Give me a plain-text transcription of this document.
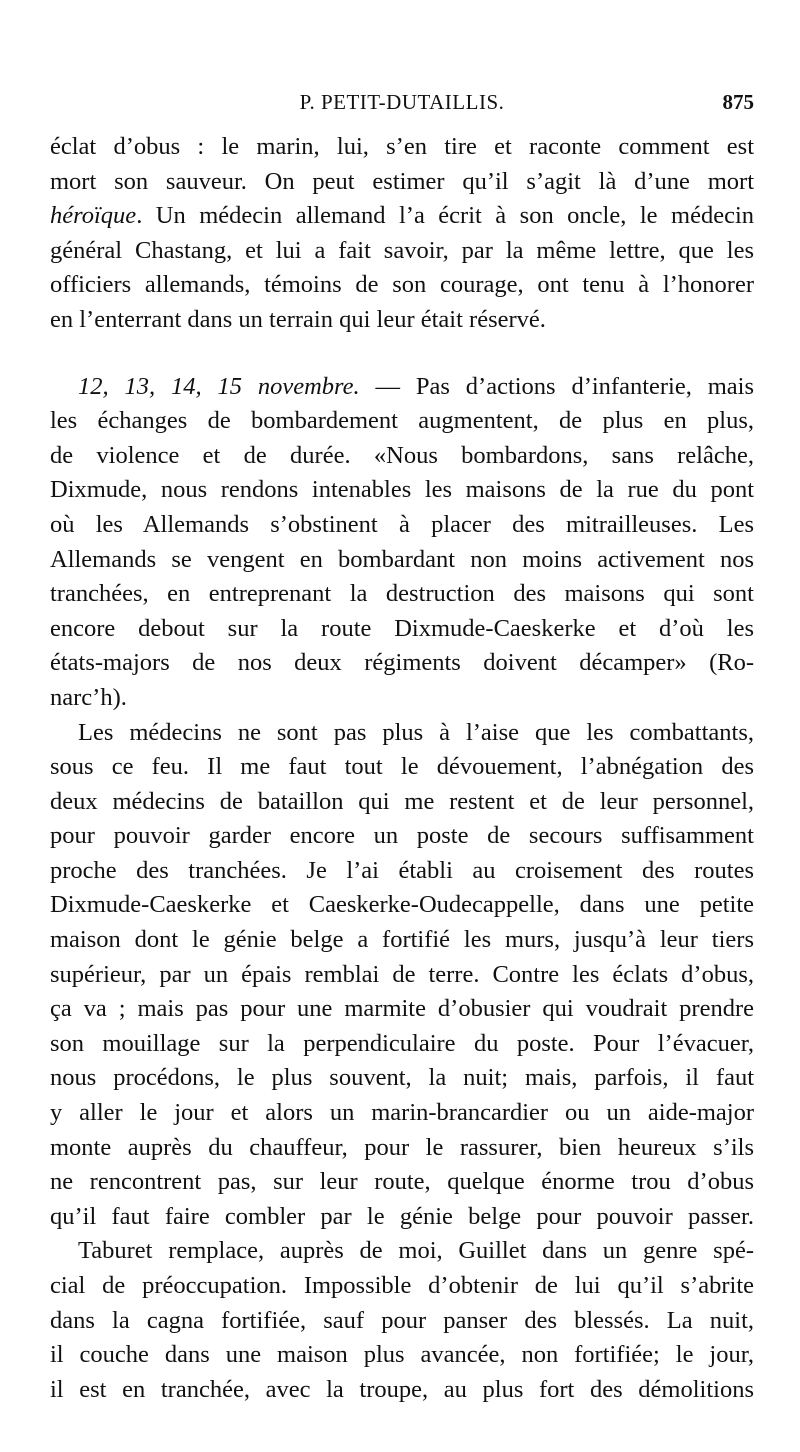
P. PETIT-DUTAILLIS.	875
éclat d’obus : le marin, lui, s’en tire et raconte comment est
mort son sauveur. On peut estimer qu’il s’agit là d’une mort
héroïque. Un médecin allemand l’a écrit à son oncle, le médecin
général Chastang, et lui a fait savoir, par la même lettre, que les
officiers allemands, témoins de son courage, ont tenu à l’honorer
en l’enterrant dans un terrain qui leur était réservé.
12, 13, 14, 15 novembre. — Pas d’actions d’infanterie, mais
les échanges de bombardement augmentent, de plus en plus,
de violence et de durée. «Nous bombardons, sans relâche,
Dixmude, nous rendons intenables les maisons de la rue du pont
où les Allemands s’obstinent à placer des mitrailleuses. Les
Allemands se vengent en bombardant non moins activement nos
tranchées, en entreprenant la destruction des maisons qui sont
encore debout sur la route Dixmude-Caeskerke et d’où les
états-majors de nos deux régiments doivent décamper» (Ro-
narc’h).
Les médecins ne sont pas plus à l’aise que les combattants,
sous ce feu. Il me faut tout le dévouement, l’abnégation des
deux médecins de bataillon qui me restent et de leur personnel,
pour pouvoir garder encore un poste de secours suffisamment
proche des tranchées. Je l’ai établi au croisement des routes
Dixmude-Caeskerke et Caeskerke-Oudecappelle, dans une petite
maison dont le génie belge a fortifié les murs, jusqu’à leur tiers
supérieur, par un épais remblai de terre. Contre les éclats d’obus,
ça va ; mais pas pour une marmite d’obusier qui voudrait prendre
son mouillage sur la perpendiculaire du poste. Pour l’évacuer,
nous procédons, le plus souvent, la nuit; mais, parfois, il faut
y aller le jour et alors un marin-brancardier ou un aide-major
monte auprès du chauffeur, pour le rassurer, bien heureux s’ils
ne rencontrent pas, sur leur route, quelque énorme trou d’obus
qu’il faut faire combler par le génie belge pour pouvoir passer.
Taburet remplace, auprès de moi, Guillet dans un genre spé-
cial de préoccupation. Impossible d’obtenir de lui qu’il s’abrite
dans la cagna fortifiée, sauf pour panser des blessés. La nuit,
il couche dans une maison plus avancée, non fortifiée; le jour,
il est en tranchée, avec la troupe, au plus fort des démolitions
